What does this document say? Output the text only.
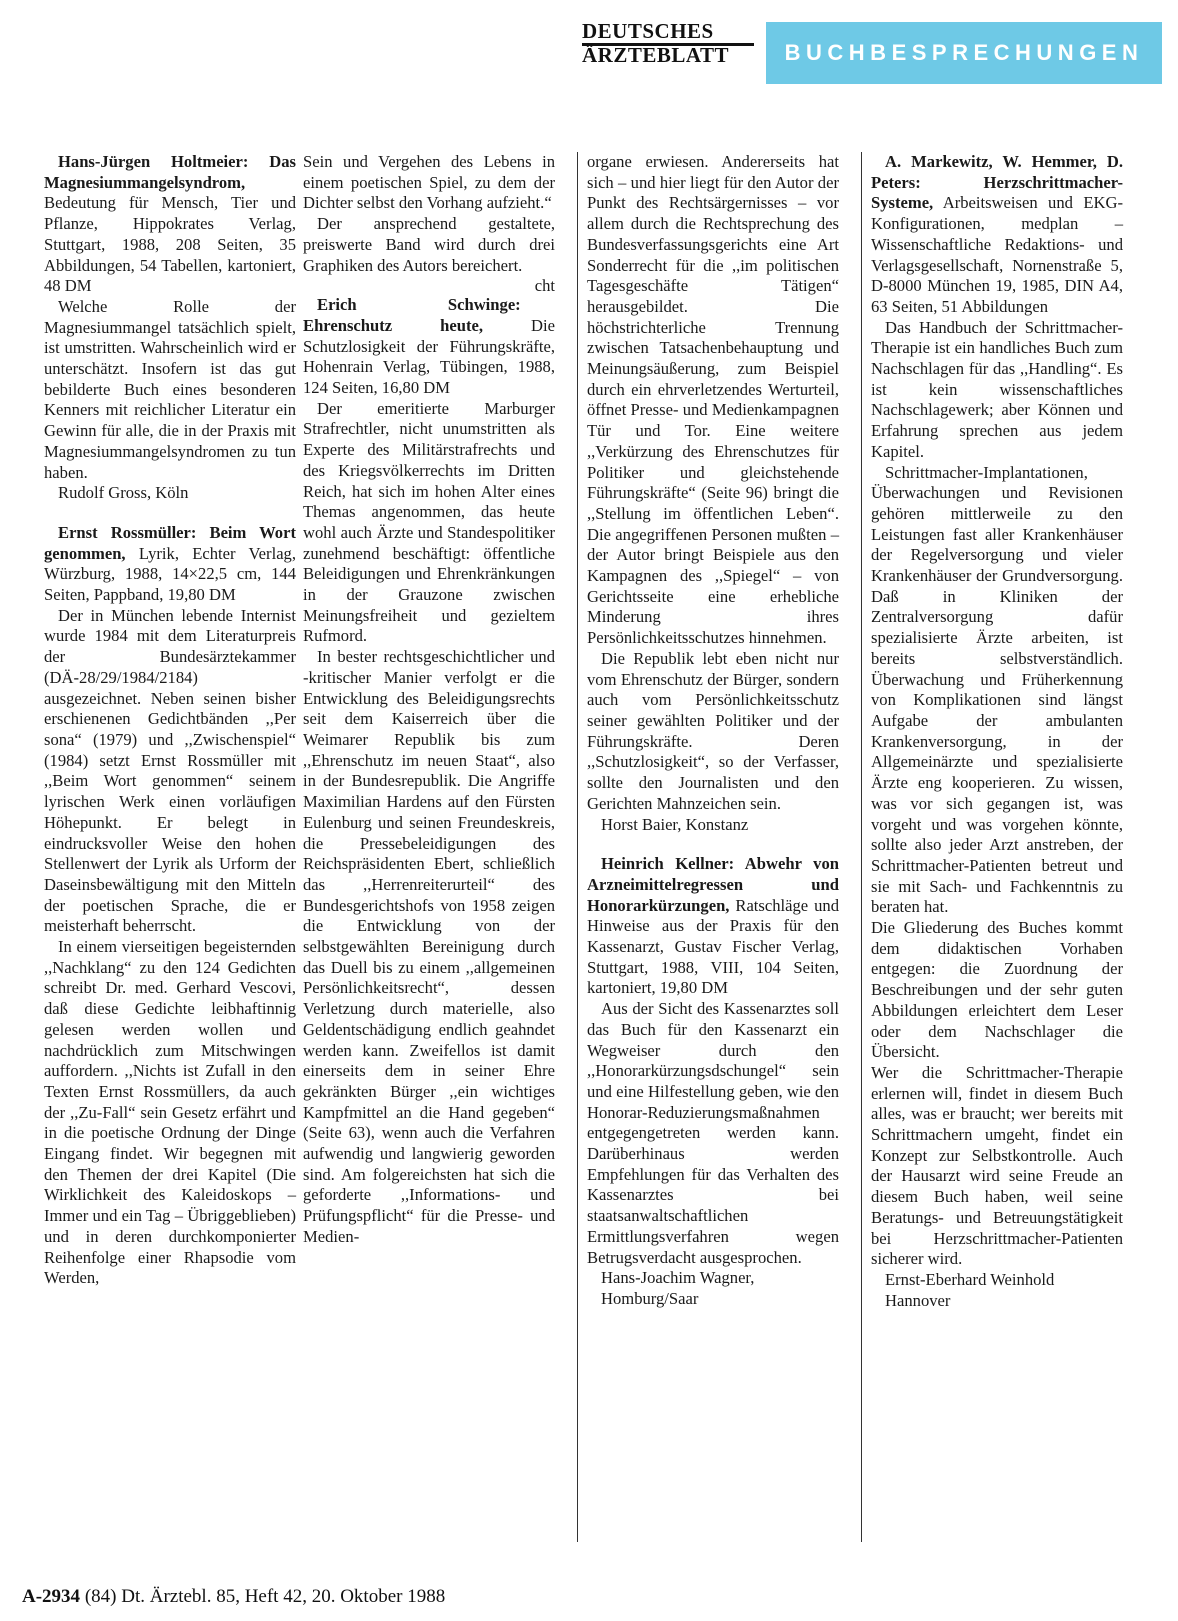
DEUTSCHES
ÄRZTEBLATT	BUCHBESPRECHUNGEN

Hans-Jürgen Holtmeier: Das Magnesiummangelsyndrom, Bedeutung für Mensch, Tier und Pflanze, Hippokrates Verlag, Stuttgart, 1988, 208 Seiten, 35 Abbildungen, 54 Tabellen, kartoniert, 48 DM

Welche Rolle der Magnesiummangel tatsächlich spielt, ist umstritten. Wahrscheinlich wird er unterschätzt. Insofern ist das gut bebilderte Buch eines besonderen Kenners mit reichlicher Literatur ein Gewinn für alle, die in der Praxis mit Magnesiummangelsyndromen zu tun haben.

Rudolf Gross, Köln

Ernst Rossmüller: Beim Wort genommen, Lyrik, Echter Verlag, Würzburg, 1988, 14×22,5 cm, 144 Seiten, Pappband, 19,80 DM

Der in München lebende Internist wurde 1984 mit dem Literaturpreis der Bundesärztekammer (DÄ-28/29/1984/2184) ausgezeichnet. Neben seinen bisher erschienenen Gedichtbänden ,,Per sona“ (1979) und ,,Zwischenspiel“ (1984) setzt Ernst Rossmüller mit ,,Beim Wort genommen“ seinem lyrischen Werk einen vorläufigen Höhepunkt. Er belegt in eindrucksvoller Weise den hohen Stellenwert der Lyrik als Urform der Daseinsbewältigung mit den Mitteln der poetischen Sprache, die er meisterhaft beherrscht.

In einem vierseitigen begeisternden ,,Nachklang“ zu den 124 Gedichten schreibt Dr. med. Gerhard Vescovi, daß diese Gedichte leibhaftinnig gelesen werden wollen und nachdrücklich zum Mitschwingen auffordern. ,,Nichts ist Zufall in den Texten Ernst Rossmüllers, da auch der ,,Zu-Fall“ sein Gesetz erfährt und in die poetische Ordnung der Dinge Eingang findet. Wir begegnen mit den Themen der drei Kapitel (Die Wirklichkeit des Kaleidoskops – Immer und ein Tag – Übriggeblieben) und in deren durchkomponierter Reihenfolge einer Rhapsodie vom Werden,

Sein und Vergehen des Lebens in einem poetischen Spiel, zu dem der Dichter selbst den Vorhang aufzieht.“

Der ansprechend gestaltete, preiswerte Band wird durch drei Graphiken des Autors bereichert.
cht

Erich Schwinge: Ehrenschutz heute, Die Schutzlosigkeit der Führungskräfte, Hohenrain Verlag, Tübingen, 1988, 124 Seiten, 16,80 DM

Der emeritierte Marburger Strafrechtler, nicht unumstritten als Experte des Militärstrafrechts und des Kriegsvölkerrechts im Dritten Reich, hat sich im hohen Alter eines Themas angenommen, das heute wohl auch Ärzte und Standespolitiker zunehmend beschäftigt: öffentliche Beleidigungen und Ehrenkränkungen in der Grauzone zwischen Meinungsfreiheit und gezieltem Rufmord.

In bester rechtsgeschichtlicher und -kritischer Manier verfolgt er die Entwicklung des Beleidigungsrechts seit dem Kaiserreich über die Weimarer Republik bis zum ,,Ehrenschutz im neuen Staat“, also in der Bundesrepublik. Die Angriffe Maximilian Hardens auf den Fürsten Eulenburg und seinen Freundeskreis, die Pressebeleidigungen des Reichspräsidenten Ebert, schließlich das ,,Herrenreiterurteil“ des Bundesgerichtshofs von 1958 zeigen die Entwicklung von der selbstgewählten Bereinigung durch das Duell bis zu einem ,,allgemeinen Persönlichkeitsrecht“, dessen Verletzung durch materielle, also Geldentschädigung endlich geahndet werden kann. Zweifellos ist damit einerseits dem in seiner Ehre gekränkten Bürger ,,ein wichtiges Kampfmittel an die Hand gegeben“ (Seite 63), wenn auch die Verfahren aufwendig und langwierig geworden sind. Am folgereichsten hat sich die geforderte ,,Informations- und Prüfungspflicht“ für die Presse- und Medien-

organe erwiesen. Andererseits hat sich – und hier liegt für den Autor der Punkt des Rechtsärgernisses – vor allem durch die Rechtsprechung des Bundesverfassungsgerichts eine Art Sonderrecht für die ,,im politischen Tagesgeschäfte Tätigen“ herausgebildet. Die höchstrichterliche Trennung zwischen Tatsachenbehauptung und Meinungsäußerung, zum Beispiel durch ein ehrverletzendes Werturteil, öffnet Presse- und Medienkampagnen Tür und Tor. Eine weitere ,,Verkürzung des Ehrenschutzes für Politiker und gleichstehende Führungskräfte“ (Seite 96) bringt die ,,Stellung im öffentlichen Leben“. Die angegriffenen Personen mußten – der Autor bringt Beispiele aus den Kampagnen des ,,Spiegel“ – von Gerichtsseite eine erhebliche Minderung ihres Persönlichkeitsschutzes hinnehmen.

Die Republik lebt eben nicht nur vom Ehrenschutz der Bürger, sondern auch vom Persönlichkeitsschutz seiner gewählten Politiker und der Führungskräfte. Deren ,,Schutzlosigkeit“, so der Verfasser, sollte den Journalisten und den Gerichten Mahnzeichen sein.

Horst Baier, Konstanz

Heinrich Kellner: Abwehr von Arzneimittelregressen und Honorarkürzungen, Ratschläge und Hinweise aus der Praxis für den Kassenarzt, Gustav Fischer Verlag, Stuttgart, 1988, VIII, 104 Seiten, kartoniert, 19,80 DM

Aus der Sicht des Kassenarztes soll das Buch für den Kassenarzt ein Wegweiser durch den ,,Honorarkürzungsdschungel“ sein und eine Hilfestellung geben, wie den Honorar-Reduzierungsmaßnahmen entgegengetreten werden kann. Darüberhinaus werden Empfehlungen für das Verhalten des Kassenarztes bei staatsanwaltschaftlichen Ermittlungsverfahren wegen Betrugsverdacht ausgesprochen.

Hans-Joachim Wagner,

Homburg/Saar

A. Markewitz, W. Hemmer, D. Peters: Herzschrittmacher-Systeme, Arbeitsweisen und EKG-Konfigurationen, medplan – Wissenschaftliche Redaktions- und Verlagsgesellschaft, Nornenstraße 5, D-8000 München 19, 1985, DIN A4, 63 Seiten, 51 Abbildungen

Das Handbuch der Schrittmacher-Therapie ist ein handliches Buch zum Nachschlagen für das ,,Handling“. Es ist kein wissenschaftliches Nachschlagewerk; aber Können und Erfahrung sprechen aus jedem Kapitel.

Schrittmacher-Implantationen, Überwachungen und Revisionen gehören mittlerweile zu den Leistungen fast aller Krankenhäuser der Regelversorgung und vieler Krankenhäuser der Grundversorgung. Daß in Kliniken der Zentralversorgung dafür spezialisierte Ärzte arbeiten, ist bereits selbstverständlich. Überwachung und Früherkennung von Komplikationen sind längst Aufgabe der ambulanten Krankenversorgung, in der Allgemeinärzte und spezialisierte Ärzte eng kooperieren. Zu wissen, was vor sich gegangen ist, was vorgeht und was vorgehen könnte, sollte also jeder Arzt anstreben, der Schrittmacher-Patienten betreut und sie mit Sach- und Fachkenntnis zu beraten hat.

Die Gliederung des Buches kommt dem didaktischen Vorhaben entgegen: die Zuordnung der Beschreibungen und der sehr guten Abbildungen erleichtert dem Leser oder dem Nachschlager die Übersicht.

Wer die Schrittmacher-Therapie erlernen will, findet in diesem Buch alles, was er braucht; wer bereits mit Schrittmachern umgeht, findet ein Konzept zur Selbstkontrolle. Auch der Hausarzt wird seine Freude an diesem Buch haben, weil seine Beratungs- und Betreuungstätigkeit bei Herzschrittmacher-Patienten sicherer wird.

Ernst-Eberhard Weinhold

Hannover

A-2934 (84) Dt. Ärztebl. 85, Heft 42, 20. Oktober 1988
